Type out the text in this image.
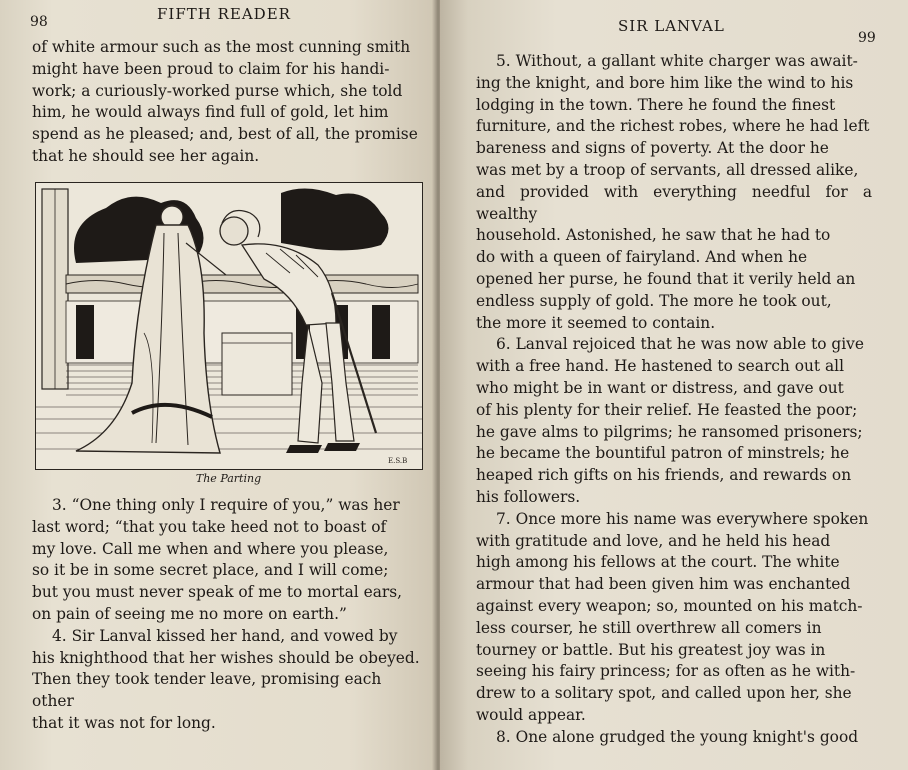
98	FIFTH READER

of white armour such as the most cunning smith

might have been proud to claim for his handi-

work; a curiously-worked purse which, she told

him, he would always find full of gold, let him

spend as he pleased; and, best of all, the promise

that he should see her again.

E.S.B
The Parting

3. “One thing only I require of you,” was her

last word; “that you take heed not to boast of

my love. Call me when and where you please,

so it be in some secret place, and I will come;

but you must never speak of me to mortal ears,

on pain of seeing me no more on earth.”

4. Sir Lanval kissed her hand, and vowed by

his knighthood that her wishes should be obeyed.

Then they took tender leave, promising each other

that it was not for long.

SIR LANVAL
99

5. Without, a gallant white charger was await-

ing the knight, and bore him like the wind to his

lodging in the town. There he found the finest

furniture, and the richest robes, where he had left

bareness and signs of poverty. At the door he

was met by a troop of servants, all dressed alike,

and provided with everything needful for a wealthy

household. Astonished, he saw that he had to

do with a queen of fairyland. And when he

opened her purse, he found that it verily held an

endless supply of gold. The more he took out,

the more it seemed to contain.

6. Lanval rejoiced that he was now able to give

with a free hand. He hastened to search out all

who might be in want or distress, and gave out

of his plenty for their relief. He feasted the poor;

he gave alms to pilgrims; he ransomed prisoners;

he became the bountiful patron of minstrels; he

heaped rich gifts on his friends, and rewards on

his followers.

7. Once more his name was everywhere spoken

with gratitude and love, and he held his head

high among his fellows at the court. The white

armour that had been given him was enchanted

against every weapon; so, mounted on his match-

less courser, he still overthrew all comers in

tourney or battle. But his greatest joy was in

seeing his fairy princess; for as often as he with-

drew to a solitary spot, and called upon her, she

would appear.

8. One alone grudged the young knight's good
